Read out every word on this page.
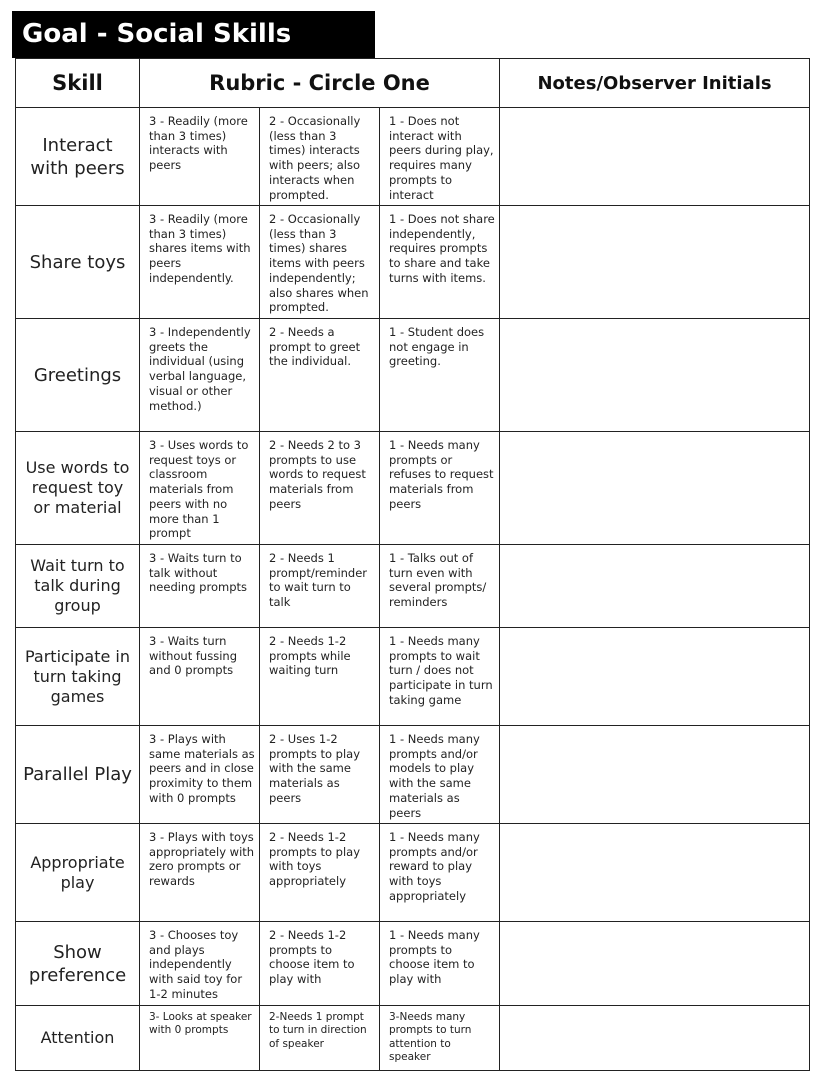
Goal - Social Skills
Skill	Rubric - Circle One			Notes/Observer Initials
Interact with peers	3 - Readily (more than 3 times) interacts with peers	2 - Occasionally (less than 3 times) interacts with peers; also interacts when prompted.	1 - Does not interact with peers during play, requires many prompts to interact	
Share toys	3 - Readily (more than 3 times) shares items with peers independently.	2 - Occasionally (less than 3 times) shares items with peers independently; also shares when prompted.	1 - Does not share independently, requires prompts to share and take turns with items.	
Greetings	3 - Independently greets the individual (using verbal language, visual or other method.)	2 - Needs a prompt to greet the individual.	1 - Student does not engage in greeting.	
Use words to request toy or material	3 - Uses words to request toys or classroom materials from peers with no more than 1 prompt	2 - Needs 2 to 3 prompts to use words to request materials from peers	1 - Needs many prompts or refuses to request materials from peers	
Wait turn to talk during group	3 - Waits turn to talk without needing prompts	2 - Needs 1 prompt/reminder to wait turn to talk	1 - Talks out of turn even with several prompts/ reminders	
Participate in turn taking games	3 - Waits turn without fussing and 0 prompts	2 - Needs 1-2 prompts while waiting turn	1 - Needs many prompts to wait turn / does not participate in turn taking game	
Parallel Play	3 - Plays with same materials as peers and in close proximity to them with 0 prompts	2 - Uses 1-2 prompts to play with the same materials as peers	1 - Needs many prompts and/or models to play with the same materials as peers	
Appropriate play	3 - Plays with toys appropriately with zero prompts or rewards	2 - Needs 1-2 prompts to play with toys appropriately	1 - Needs many prompts and/or reward to play with toys appropriately	
Show preference	3 - Chooses toy and plays independently with said toy for 1-2 minutes	2 - Needs 1-2 prompts to choose item to play with	1 - Needs many prompts to choose item to play with	
Attention	3- Looks at speaker with 0 prompts	2-Needs 1 prompt to turn in direction of speaker	3-Needs many prompts to turn attention to speaker	
